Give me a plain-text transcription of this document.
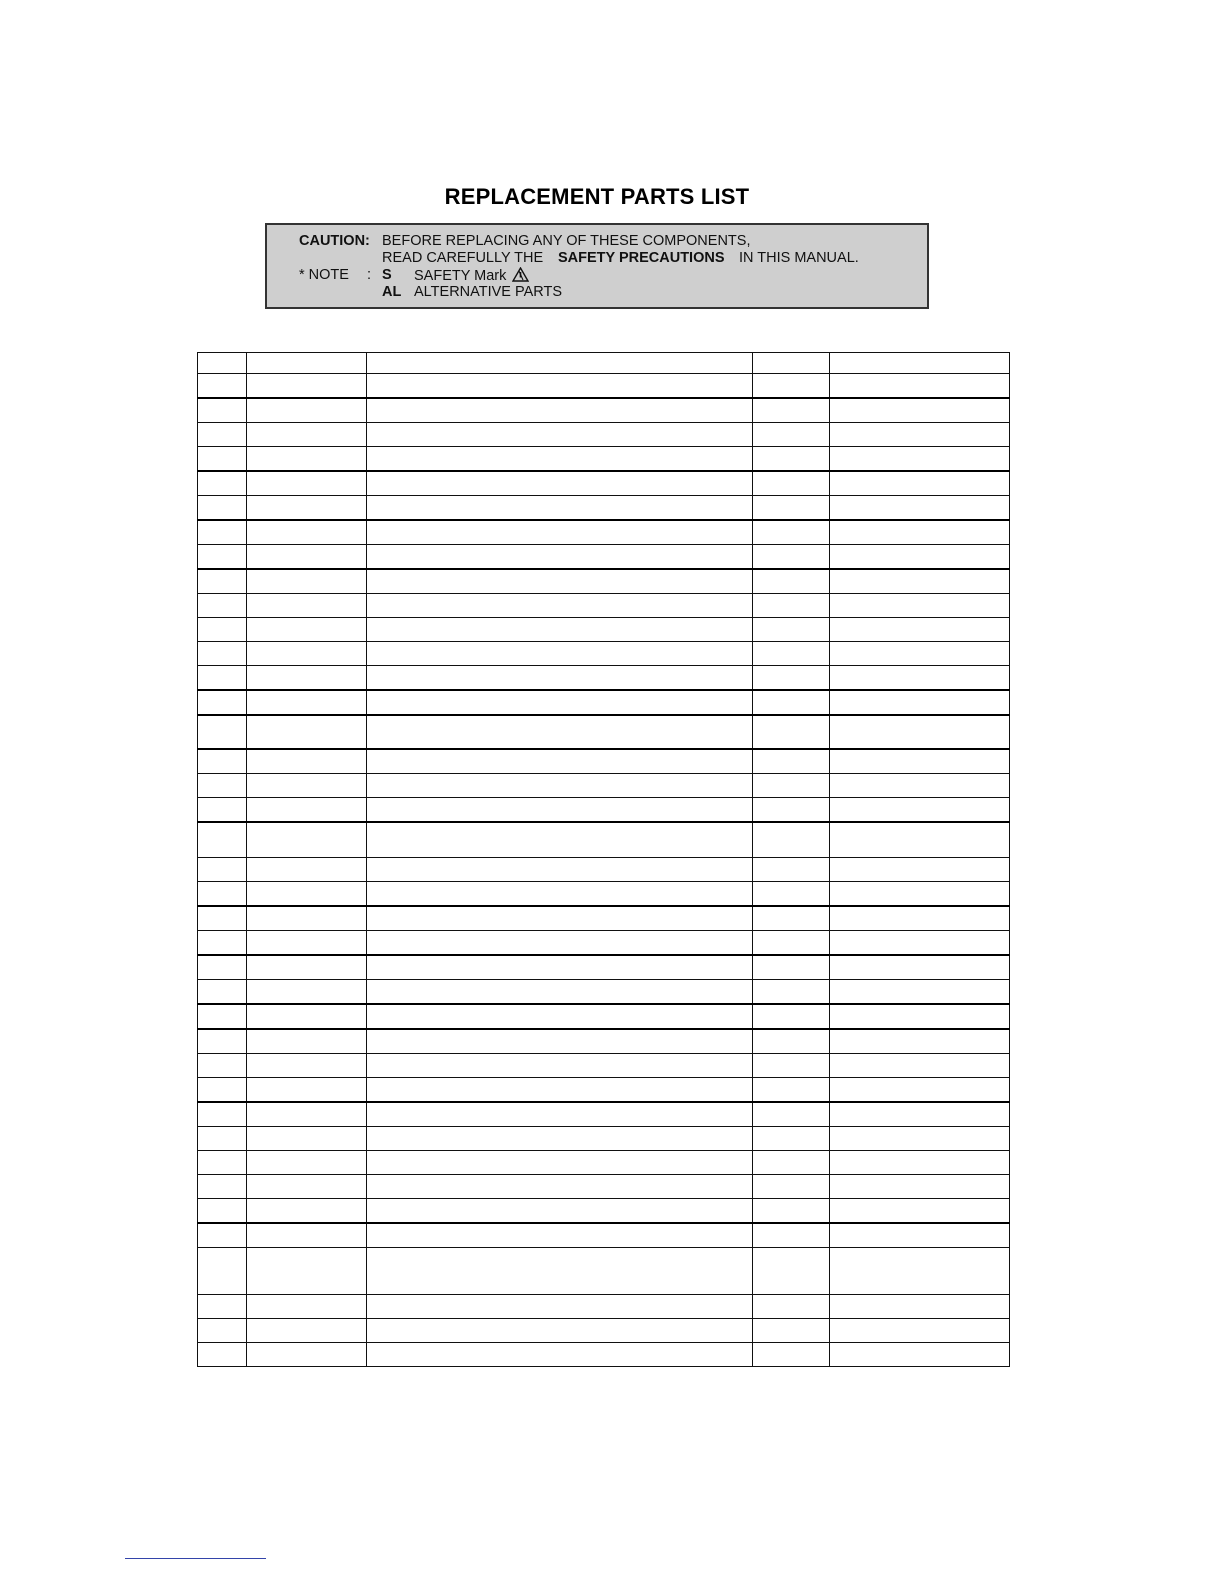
REPLACEMENT PARTS LIST
CAUTION: BEFORE REPLACING ANY OF THESE COMPONENTS,
READ CAREFULLY THE SAFETY PRECAUTIONS IN THIS MANUAL.
* NOTE : S SAFETY Mark
AL ALTERNATIVE PARTS
